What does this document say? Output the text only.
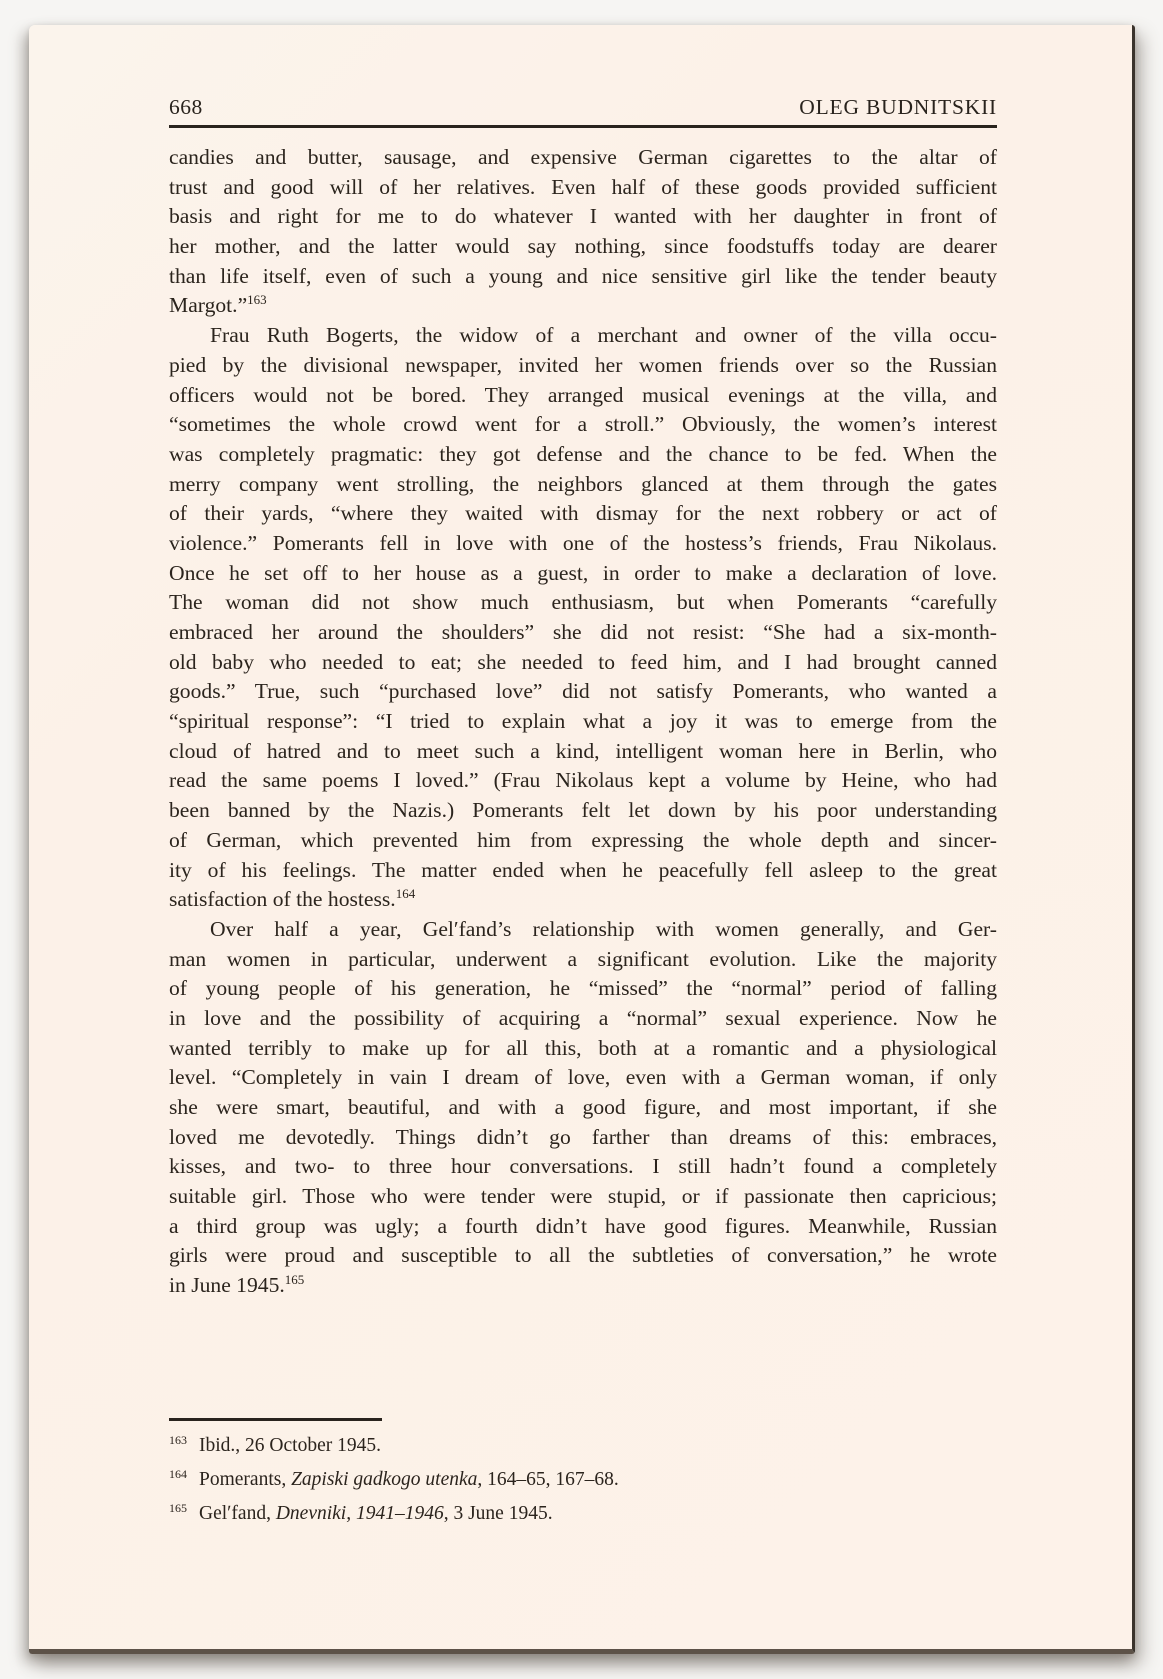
668	OLEG BUDNITSKII
candies and butter, sausage, and expensive German cigarettes to the altar of
trust and good will of her relatives. Even half of these goods provided sufficient
basis and right for me to do whatever I wanted with her daughter in front of
her mother, and the latter would say nothing, since foodstuffs today are dearer
than life itself, even of such a young and nice sensitive girl like the tender beauty
Margot.”$^{163}$
Frau Ruth Bogerts, the widow of a merchant and owner of the villa occu-
pied by the divisional newspaper, invited her women friends over so the Russian
officers would not be bored. They arranged musical evenings at the villa, and
“sometimes the whole crowd went for a stroll.” Obviously, the women’s interest
was completely pragmatic: they got defense and the chance to be fed. When the
merry company went strolling, the neighbors glanced at them through the gates
of their yards, “where they waited with dismay for the next robbery or act of
violence.” Pomerants fell in love with one of the hostess’s friends, Frau Nikolaus.
Once he set off to her house as a guest, in order to make a declaration of love.
The woman did not show much enthusiasm, but when Pomerants “carefully
embraced her around the shoulders” she did not resist: “She had a six-month-
old baby who needed to eat; she needed to feed him, and I had brought canned
goods.” True, such “purchased love” did not satisfy Pomerants, who wanted a
“spiritual response”: “I tried to explain what a joy it was to emerge from the
cloud of hatred and to meet such a kind, intelligent woman here in Berlin, who
read the same poems I loved.” (Frau Nikolaus kept a volume by Heine, who had
been banned by the Nazis.) Pomerants felt let down by his poor understanding
of German, which prevented him from expressing the whole depth and sincer-
ity of his feelings. The matter ended when he peacefully fell asleep to the great
satisfaction of the hostess.$^{164}$
Over half a year, Gelʹfand’s relationship with women generally, and Ger-
man women in particular, underwent a significant evolution. Like the majority
of young people of his generation, he “missed” the “normal” period of falling
in love and the possibility of acquiring a “normal” sexual experience. Now he
wanted terribly to make up for all this, both at a romantic and a physiological
level. “Completely in vain I dream of love, even with a German woman, if only
she were smart, beautiful, and with a good figure, and most important, if she
loved me devotedly. Things didn’t go farther than dreams of this: embraces,
kisses, and two- to three hour conversations. I still hadn’t found a completely
suitable girl. Those who were tender were stupid, or if passionate then capricious;
a third group was ugly; a fourth didn’t have good figures. Meanwhile, Russian
girls were proud and susceptible to all the subtleties of conversation,” he wrote
in June 1945.$^{165}$
$^{163}$ Ibid., 26 October 1945.
$^{164}$ Pomerants, Zapiski gadkogo utenka, 164–65, 167–68.
$^{165}$ Gelʹfand, Dnevniki, 1941–1946, 3 June 1945.
